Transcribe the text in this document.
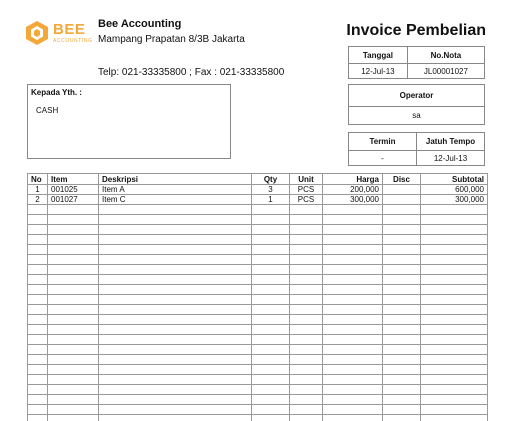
BEE
ACCOUNTING
Bee Accounting
Mampang Prapatan 8/3B Jakarta
Telp: 021-33335800 ; Fax : 021-33335800
Invoice Pembelian
Tanggal	No.Nota
12-Jul-13	JL00001027
Operator
sa
Termin	Jatuh Tempo
-	12-Jul-13
Kepada Yth. :
CASH
No	Item	Deskripsi	Qty	Unit	Harga	Disc	Subtotal
1	001025	Item A	3	PCS	200,000		600,000
2	001027	Item C	1	PCS	300,000		300,000
